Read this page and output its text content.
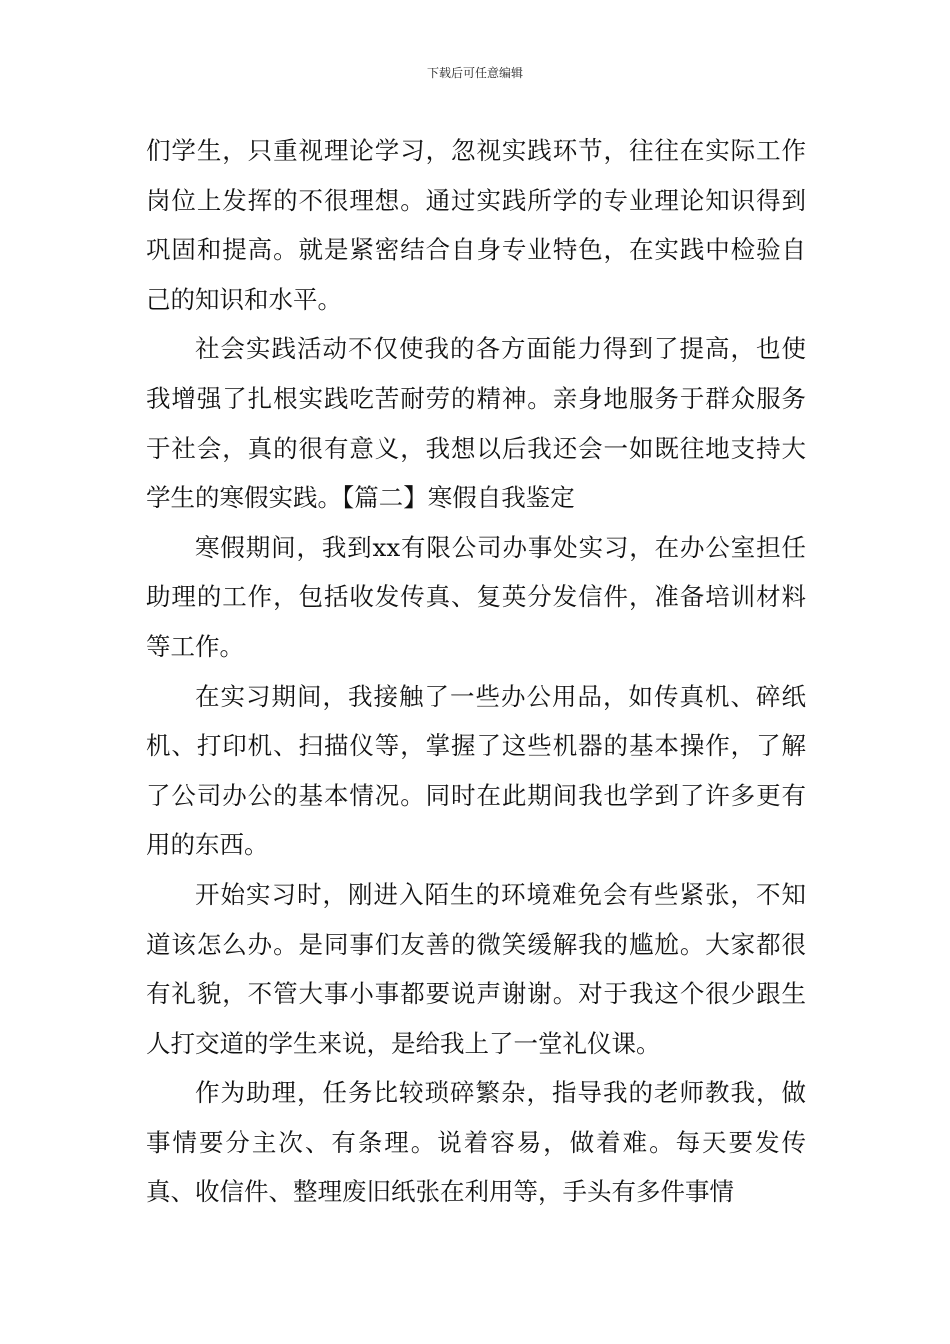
下载后可任意编辑

们学生，只重视理论学习，忽视实践环节，往往在实际工作岗位上发挥的不很理想。通过实践所学的专业理论知识得到巩固和提高。就是紧密结合自身专业特色，在实践中检验自己的知识和水平。

社会实践活动不仅使我的各方面能力得到了提高，也使我增强了扎根实践吃苦耐劳的精神。亲身地服务于群众服务于社会，真的很有意义，我想以后我还会一如既往地支持大学生的寒假实践。【篇二】寒假自我鉴定

寒假期间，我到xx有限公司办事处实习，在办公室担任助理的工作，包括收发传真、复英分发信件，准备培训材料等工作。

在实习期间，我接触了一些办公用品，如传真机、碎纸机、打印机、扫描仪等，掌握了这些机器的基本操作，了解了公司办公的基本情况。同时在此期间我也学到了许多更有用的东西。

开始实习时，刚进入陌生的环境难免会有些紧张，不知道该怎么办。是同事们友善的微笑缓解我的尴尬。大家都很有礼貌，不管大事小事都要说声谢谢。对于我这个很少跟生人打交道的学生来说，是给我上了一堂礼仪课。

作为助理，任务比较琐碎繁杂，指导我的老师教我，做事情要分主次、有条理。说着容易，做着难。每天要发传真、收信件、整理废旧纸张在利用等，手头有多件事情
